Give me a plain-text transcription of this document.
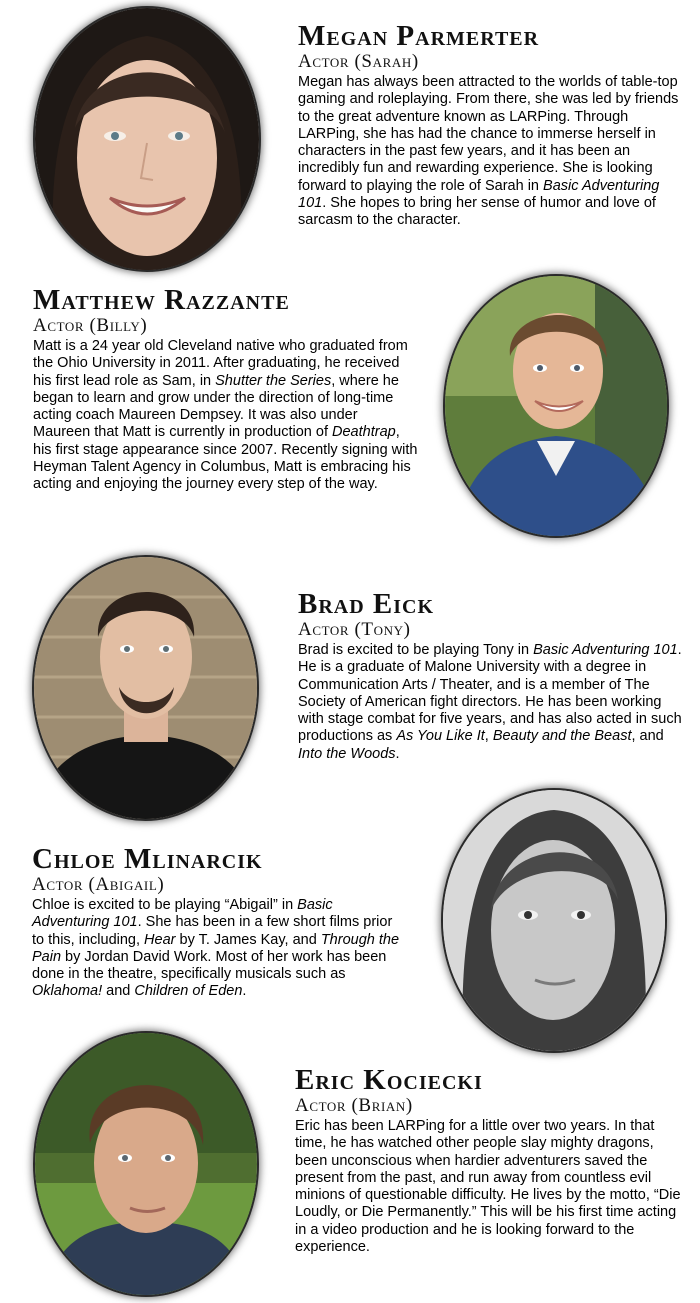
Megan Parmerter
Actor (Sarah)

Megan has always been attracted to the worlds of table-top gaming and roleplaying. From there, she was led by friends to the great adventure known as LARPing. Through LARPing, she has had the chance to immerse herself in characters in the past few years, and it has been an incredibly fun and rewarding experience. She is looking forward to playing the role of Sarah in Basic Adventuring 101. She hopes to bring her sense of humor and love of sarcasm to the character.

Matthew Razzante
Actor (Billy)

Matt is a 24 year old Cleveland native who graduated from the Ohio University in 2011. After graduating, he received his first lead role as Sam, in Shutter the Series, where he began to learn and grow under the direction of long-time acting coach Maureen Dempsey. It was also under Maureen that Matt is currently in production of Deathtrap, his first stage appearance since 2007. Recently signing with Heyman Talent Agency in Columbus, Matt is embracing his acting and enjoying the journey every step of the way.

Brad Eick
Actor (Tony)

Brad is excited to be playing Tony in Basic Adventuring 101. He is a graduate of Malone University with a degree in Communication Arts / Theater, and is a member of The Society of American fight directors. He has been working with stage combat for five years, and has also acted in such productions as As You Like It, Beauty and the Beast, and Into the Woods.

Chloe Mlinarcik
Actor (Abigail)

Chloe is excited to be playing “Abigail” in Basic Adventuring 101. She has been in a few short films prior to this, including, Hear by T. James Kay, and Through the Pain by Jordan David Work. Most of her work has been done in the theatre, specifically musicals such as Oklahoma! and Children of Eden.

Eric Kociecki
Actor (Brian)

Eric has been LARPing for a little over two years. In that time, he has watched other people slay mighty dragons, been unconscious when hardier adventurers saved the present from the past, and run away from countless evil minions of questionable difficulty. He lives by the motto, “Die Loudly, or Die Permanently.” This will be his first time acting in a video production and he is looking forward to the experience.
